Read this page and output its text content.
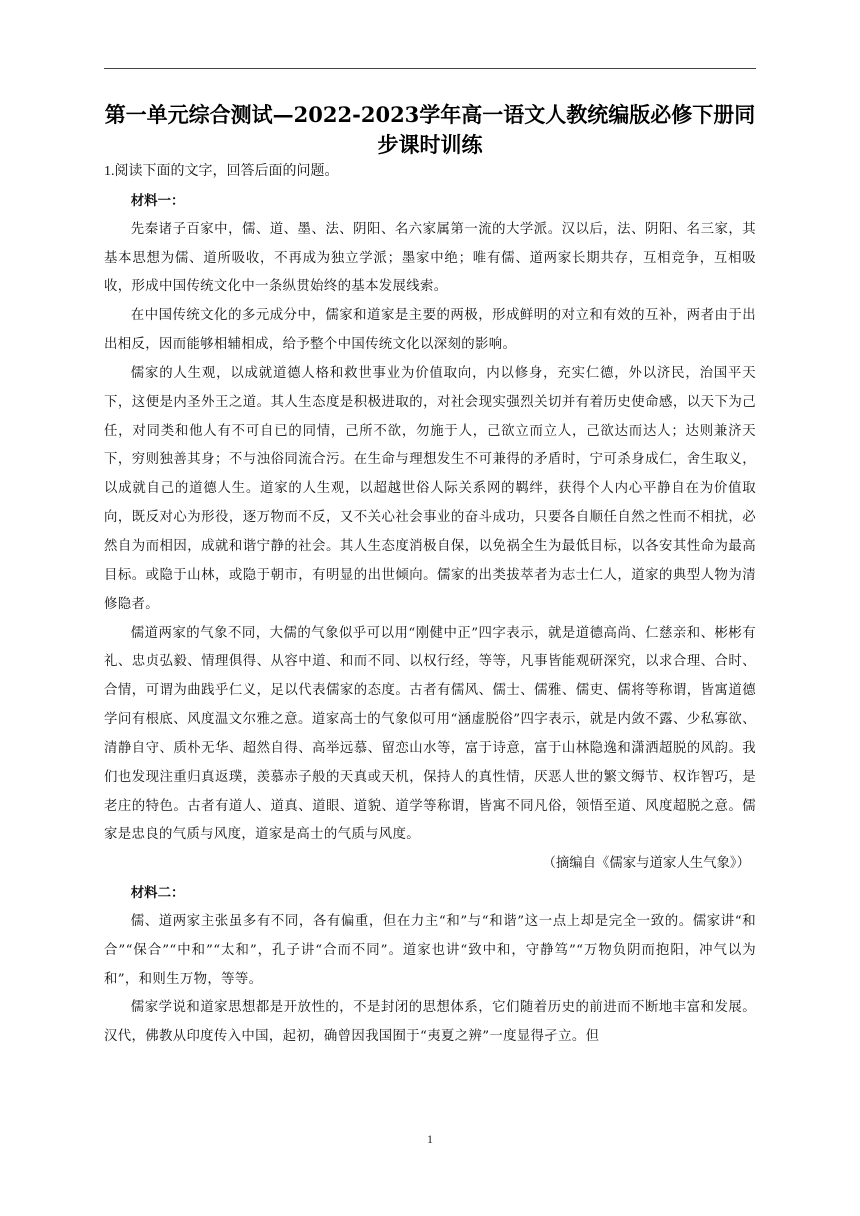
第一单元综合测试—2022-2023学年高一语文人教统编版必修下册同步课时训练

1.阅读下面的文字，回答后面的问题。

材料一：

先秦诸子百家中，儒、道、墨、法、阴阳、名六家属第一流的大学派。汉以后，法、阴阳、名三家，其基本思想为儒、道所吸收，不再成为独立学派；墨家中绝；唯有儒、道两家长期共存，互相竞争，互相吸收，形成中国传统文化中一条纵贯始终的基本发展线索。

在中国传统文化的多元成分中，儒家和道家是主要的两极，形成鲜明的对立和有效的互补，两者由于出出相反，因而能够相辅相成，给予整个中国传统文化以深刻的影响。

儒家的人生观，以成就道德人格和救世事业为价值取向，内以修身，充实仁德，外以济民，治国平天下，这便是内圣外王之道。其人生态度是积极进取的，对社会现实强烈关切并有着历史使命感，以天下为己任，对同类和他人有不可自已的同情，己所不欲，勿施于人，己欲立而立人，己欲达而达人；达则兼济天下，穷则独善其身；不与浊俗同流合污。在生命与理想发生不可兼得的矛盾时，宁可杀身成仁，舍生取义，以成就自己的道德人生。道家的人生观，以超越世俗人际关系网的羁绊，获得个人内心平静自在为价值取向，既反对心为形役，逐万物而不反，又不关心社会事业的奋斗成功，只要各自顺任自然之性而不相扰，必然自为而相因，成就和谐宁静的社会。其人生态度消极自保，以免祸全生为最低目标，以各安其性命为最高目标。或隐于山林，或隐于朝市，有明显的出世倾向。儒家的出类拔萃者为志士仁人，道家的典型人物为清修隐者。

儒道两家的气象不同，大儒的气象似乎可以用“刚健中正”四字表示，就是道德高尚、仁慈亲和、彬彬有礼、忠贞弘毅、情理俱得、从容中道、和而不同、以权行经，等等，凡事皆能观研深究，以求合理、合时、合情，可谓为曲践乎仁义，足以代表儒家的态度。古者有儒风、儒士、儒雅、儒吏、儒将等称谓，皆寓道德学问有根底、风度温文尔雅之意。道家高士的气象似可用“涵虚脱俗”四字表示，就是内敛不露、少私寡欲、清静自守、质朴无华、超然自得、高举远慕、留恋山水等，富于诗意，富于山林隐逸和潇洒超脱的风韵。我们也发现注重归真返璞，羡慕赤子般的天真或天机，保持人的真性情，厌恶人世的繁文缛节、权诈智巧，是老庄的特色。古者有道人、道真、道眼、道貌、道学等称谓，皆寓不同凡俗，领悟至道、风度超脱之意。儒家是忠良的气质与风度，道家是高士的气质与风度。

（摘编自《儒家与道家人生气象》）

材料二：

儒、道两家主张虽多有不同，各有偏重，但在力主“和”与“和谐”这一点上却是完全一致的。儒家讲“和合”“保合”“中和”“太和”，孔子讲“合而不同”。道家也讲“致中和，守静笃”“万物负阴而抱阳，冲气以为和”，和则生万物，等等。

儒家学说和道家思想都是开放性的，不是封闭的思想体系，它们随着历史的前进而不断地丰富和发展。汉代，佛教从印度传入中国，起初，确曾因我国囿于“夷夏之辨”一度显得孑立。但

1
